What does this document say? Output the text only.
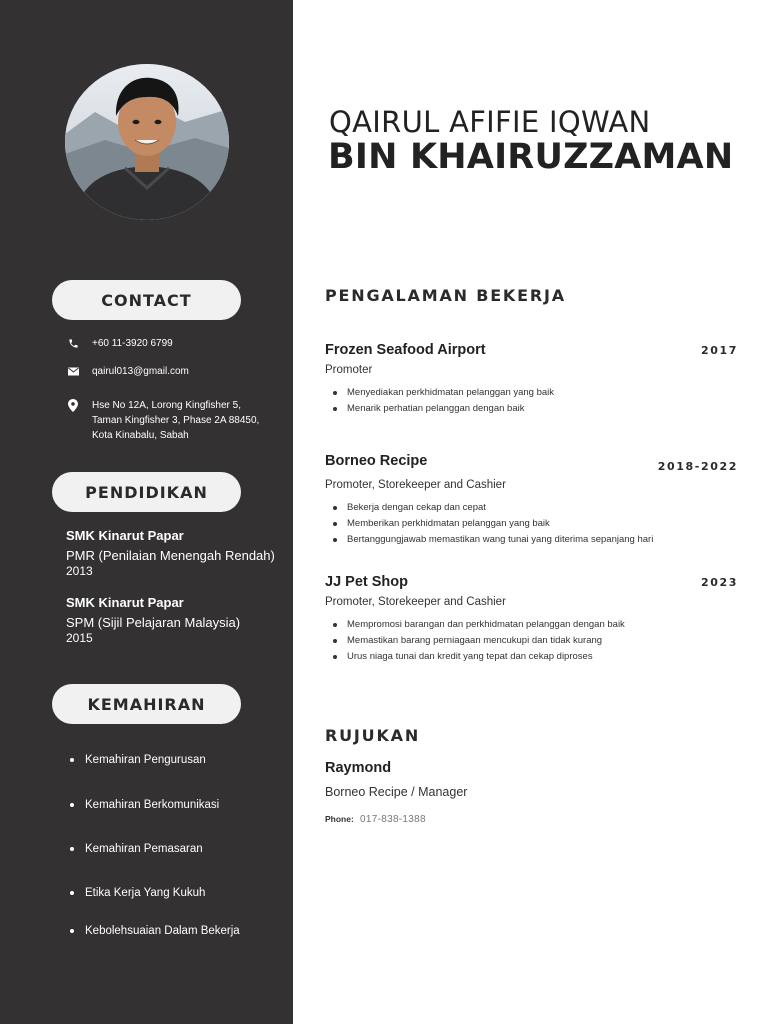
CONTACT
+60 11-3920 6799
qairul013@gmail.com
Hse No 12A, Lorong Kingfisher 5,
Taman Kingfisher 3, Phase 2A 88450,
Kota Kinabalu, Sabah
PENDIDIKAN
SMK Kinarut Papar
PMR (Penilaian Menengah Rendah)
2013
SMK Kinarut Papar
SPM (Sijil Pelajaran Malaysia)
2015
KEMAHIRAN
Kemahiran Pengurusan
Kemahiran Berkomunikasi
Kemahiran Pemasaran
Etika Kerja Yang Kukuh
Kebolehsuaian Dalam Bekerja
QAIRUL AFIFIE IQWAN
BIN KHAIRUZZAMAN
PENGALAMAN BEKERJA
Frozen Seafood Airport	2017
Promoter
Menyediakan perkhidmatan pelanggan yang baik
Menarik perhatian pelanggan dengan baik
Borneo Recipe	2018-2022
Promoter, Storekeeper and Cashier
Bekerja dengan cekap dan cepat
Memberikan perkhidmatan pelanggan yang baik
Bertanggungjawab memastikan wang tunai yang diterima sepanjang hari
JJ Pet Shop	2023
Promoter, Storekeeper and Cashier
Mempromosi barangan dan perkhidmatan pelanggan dengan baik
Memastikan barang perniagaan mencukupi dan tidak kurang
Urus niaga tunai dan kredit yang tepat dan cekap diproses
RUJUKAN
Raymond
Borneo Recipe / Manager
Phone: 017-838-1388
